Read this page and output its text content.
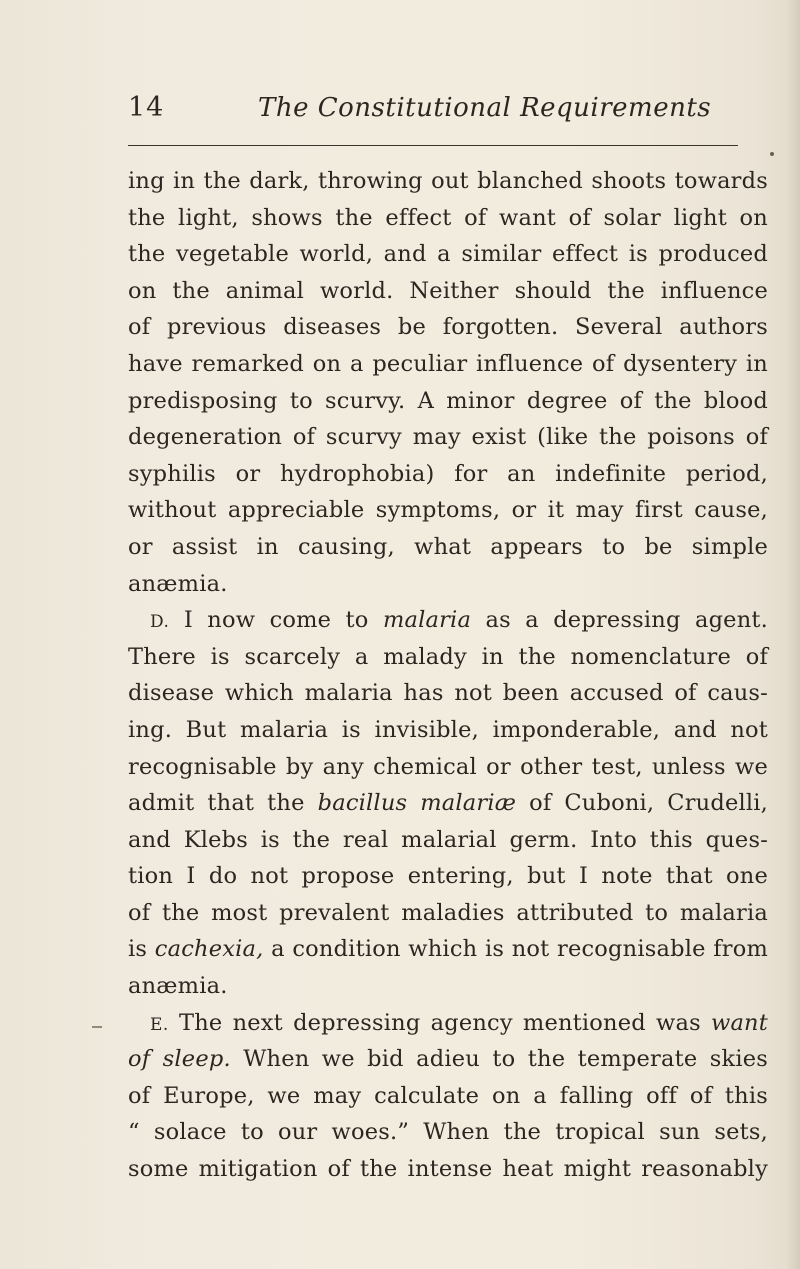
14	The Constitutional Requirements
ing in the dark, throwing out blanched shoots towards
the light, shows the effect of want of solar light on
the vegetable world, and a similar effect is produced
on the animal world. Neither should the influence
of previous diseases be forgotten. Several authors
have remarked on a peculiar influence of dysentery in
predisposing to scurvy. A minor degree of the blood
degeneration of scurvy may exist (like the poisons of
syphilis or hydrophobia) for an indefinite period,
without appreciable symptoms, or it may first cause,
or assist in causing, what appears to be simple
anæmia.
D. I now come to malaria as a depressing agent.
There is scarcely a malady in the nomenclature of
disease which malaria has not been accused of caus-
ing. But malaria is invisible, imponderable, and not
recognisable by any chemical or other test, unless we
admit that the bacillus malariæ of Cuboni, Crudelli,
and Klebs is the real malarial germ. Into this ques-
tion I do not propose entering, but I note that one
of the most prevalent maladies attributed to malaria
is cachexia, a condition which is not recognisable from
anæmia.
E. The next depressing agency mentioned was want
of sleep. When we bid adieu to the temperate skies
of Europe, we may calculate on a falling off of this
“ solace to our woes.” When the tropical sun sets,
some mitigation of the intense heat might reasonably
